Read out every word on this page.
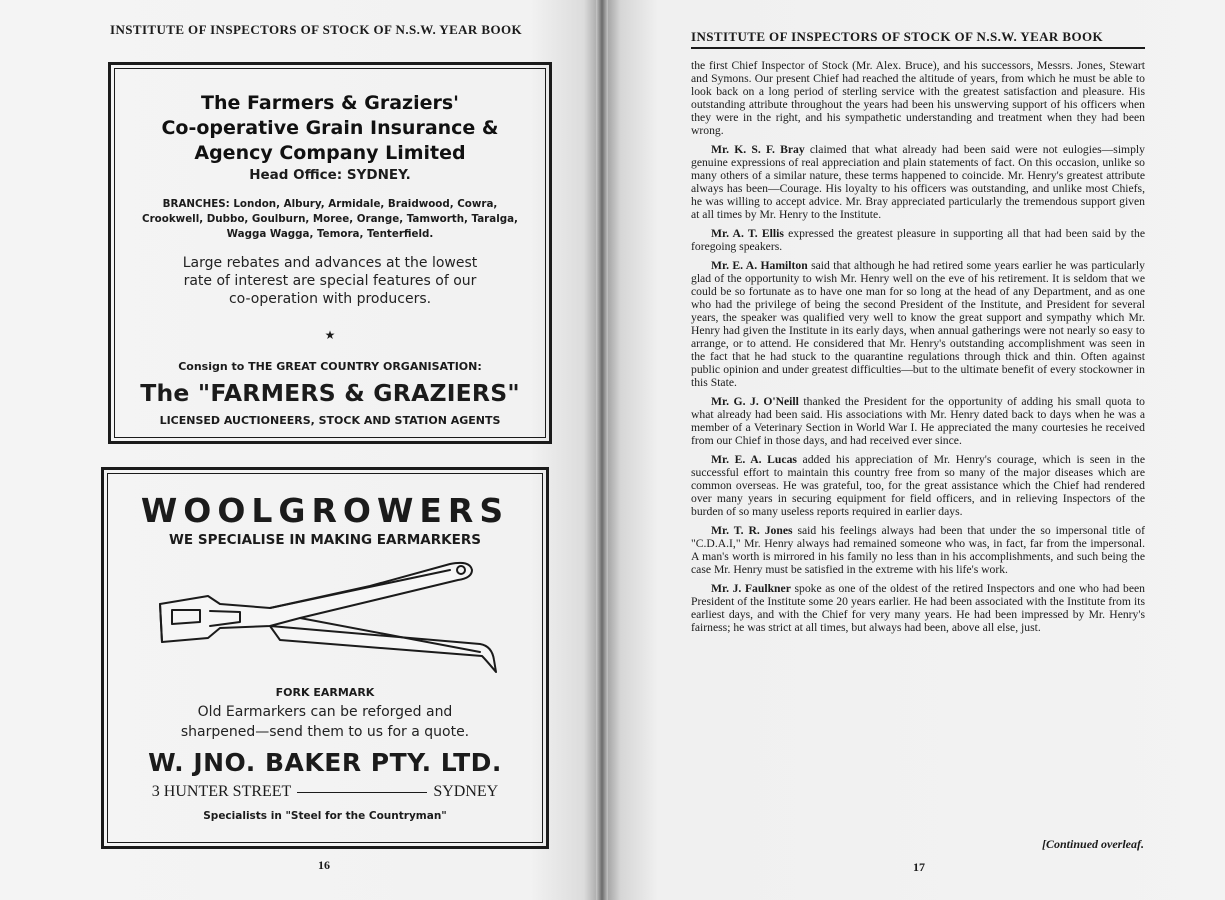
INSTITUTE OF INSPECTORS OF STOCK OF N.S.W. YEAR BOOK	INSTITUTE OF INSPECTORS OF STOCK OF N.S.W. YEAR BOOK

the first Chief Inspector of Stock (Mr. Alex. Bruce), and his successors, Messrs. Jones, Stewart and Symons. Our present Chief had reached the altitude of years, from which he must be able to look back on a long period of sterling service with the greatest satisfaction and pleasure. His outstanding attribute throughout the years had been his unswerving support of his officers when they were in the right, and his sympathetic understanding and treatment when they had been wrong.

Mr. K. S. F. Bray claimed that what already had been said were not eulogies—simply genuine expressions of real appreciation and plain statements of fact. On this occasion, unlike so many others of a similar nature, these terms happened to coincide. Mr. Henry's greatest attribute always has been—Courage. His loyalty to his officers was outstanding, and unlike most Chiefs, he was willing to accept advice. Mr. Bray appreciated particularly the tremendous support given at all times by Mr. Henry to the Institute.

Mr. A. T. Ellis expressed the greatest pleasure in supporting all that had been said by the foregoing speakers.

Mr. E. A. Hamilton said that although he had retired some years earlier he was particularly glad of the opportunity to wish Mr. Henry well on the eve of his retirement. It is seldom that we could be so fortunate as to have one man for so long at the head of any Department, and as one who had the privilege of being the second President of the Institute, and President for several years, the speaker was qualified very well to know the great support and sympathy which Mr. Henry had given the Institute in its early days, when annual gatherings were not nearly so easy to arrange, or to attend. He considered that Mr. Henry's outstanding accomplishment was seen in the fact that he had stuck to the quarantine regulations through thick and thin. Often against public opinion and under greatest difficulties—but to the ultimate benefit of every stockowner in this State.

Mr. G. J. O'Neill thanked the President for the opportunity of adding his small quota to what already had been said. His associations with Mr. Henry dated back to days when he was a member of a Veterinary Section in World War I. He appreciated the many courtesies he received from our Chief in those days, and had received ever since.

Mr. E. A. Lucas added his appreciation of Mr. Henry's courage, which is seen in the successful effort to maintain this country free from so many of the major diseases which are common overseas. He was grateful, too, for the great assistance which the Chief had rendered over many years in securing equipment for field officers, and in relieving Inspectors of the burden of so many useless reports required in earlier days.

Mr. T. R. Jones said his feelings always had been that under the so impersonal title of "C.D.A.I," Mr. Henry always had remained someone who was, in fact, far from the impersonal. A man's worth is mirrored in his family no less than in his accomplishments, and such being the case Mr. Henry must be satisfied in the extreme with his life's work.

Mr. J. Faulkner spoke as one of the oldest of the retired Inspectors and one who had been President of the Institute some 20 years earlier. He had been associated with the Institute from its earliest days, and with the Chief for very many years. He had been impressed by Mr. Henry's fairness; he was strict at all times, but always had been, above all else, just.

The Farmers & Graziers'
Co-operative Grain Insurance &
Agency Company Limited
Head Office: SYDNEY.
BRANCHES: London, Albury, Armidale, Braidwood, Cowra,
Crookwell, Dubbo, Goulburn, Moree, Orange, Tamworth, Taralga,
Wagga Wagga, Temora, Tenterfield.
Large rebates and advances at the lowest
rate of interest are special features of our
co-operation with producers.
★
Consign to THE GREAT COUNTRY ORGANISATION:
The "FARMERS & GRAZIERS"
LICENSED AUCTIONEERS, STOCK AND STATION AGENTS
WOOLGROWERS
WE SPECIALISE IN MAKING EARMARKERS
FORK EARMARK
Old Earmarkers can be reforged and
sharpened—send them to us for a quote.
W. JNO. BAKER PTY. LTD.
3 HUNTER STREET	SYDNEY
Specialists in "Steel for the Countryman"
16
[Continued overleaf.
17
